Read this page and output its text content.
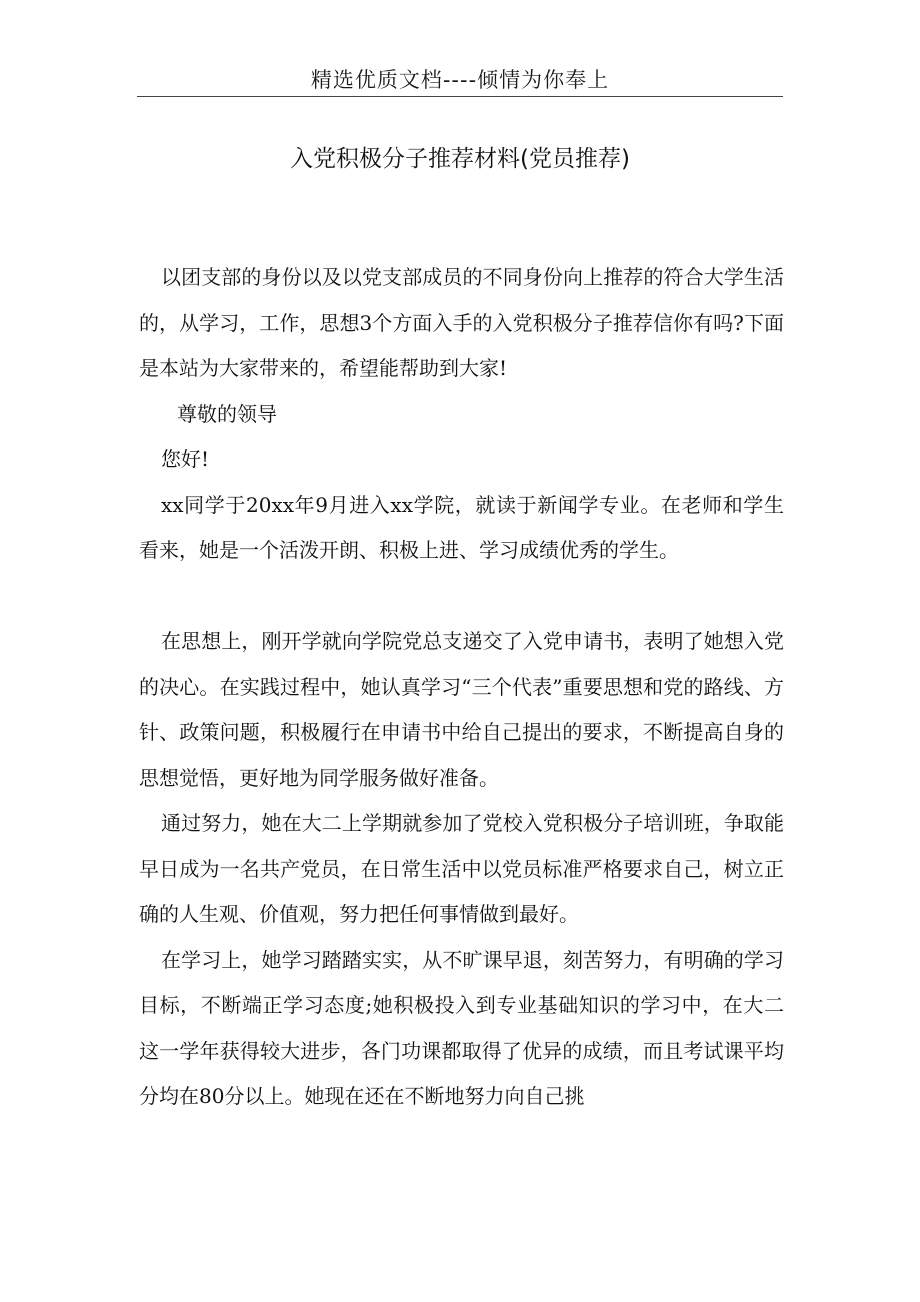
精选优质文档----倾情为你奉上
入党积极分子推荐材料(党员推荐)

以团支部的身份以及以党支部成员的不同身份向上推荐的符合大学生活的，从学习，工作，思想3个方面入手的入党积极分子推荐信你有吗?下面是本站为大家带来的，希望能帮助到大家!

尊敬的领导

您好!

xx同学于20xx年9月进入xx学院，就读于新闻学专业。在老师和学生看来，她是一个活泼开朗、积极上进、学习成绩优秀的学生。

在思想上，刚开学就向学院党总支递交了入党申请书，表明了她想入党的决心。在实践过程中，她认真学习“三个代表”重要思想和党的路线、方针、政策问题，积极履行在申请书中给自己提出的要求，不断提高自身的思想觉悟，更好地为同学服务做好准备。

通过努力，她在大二上学期就参加了党校入党积极分子培训班，争取能早日成为一名共产党员，在日常生活中以党员标准严格要求自己，树立正确的人生观、价值观，努力把任何事情做到最好。

在学习上，她学习踏踏实实，从不旷课早退，刻苦努力，有明确的学习目标，不断端正学习态度;她积极投入到专业基础知识的学习中，在大二这一学年获得较大进步，各门功课都取得了优异的成绩，而且考试课平均分均在80分以上。她现在还在不断地努力向自己挑
